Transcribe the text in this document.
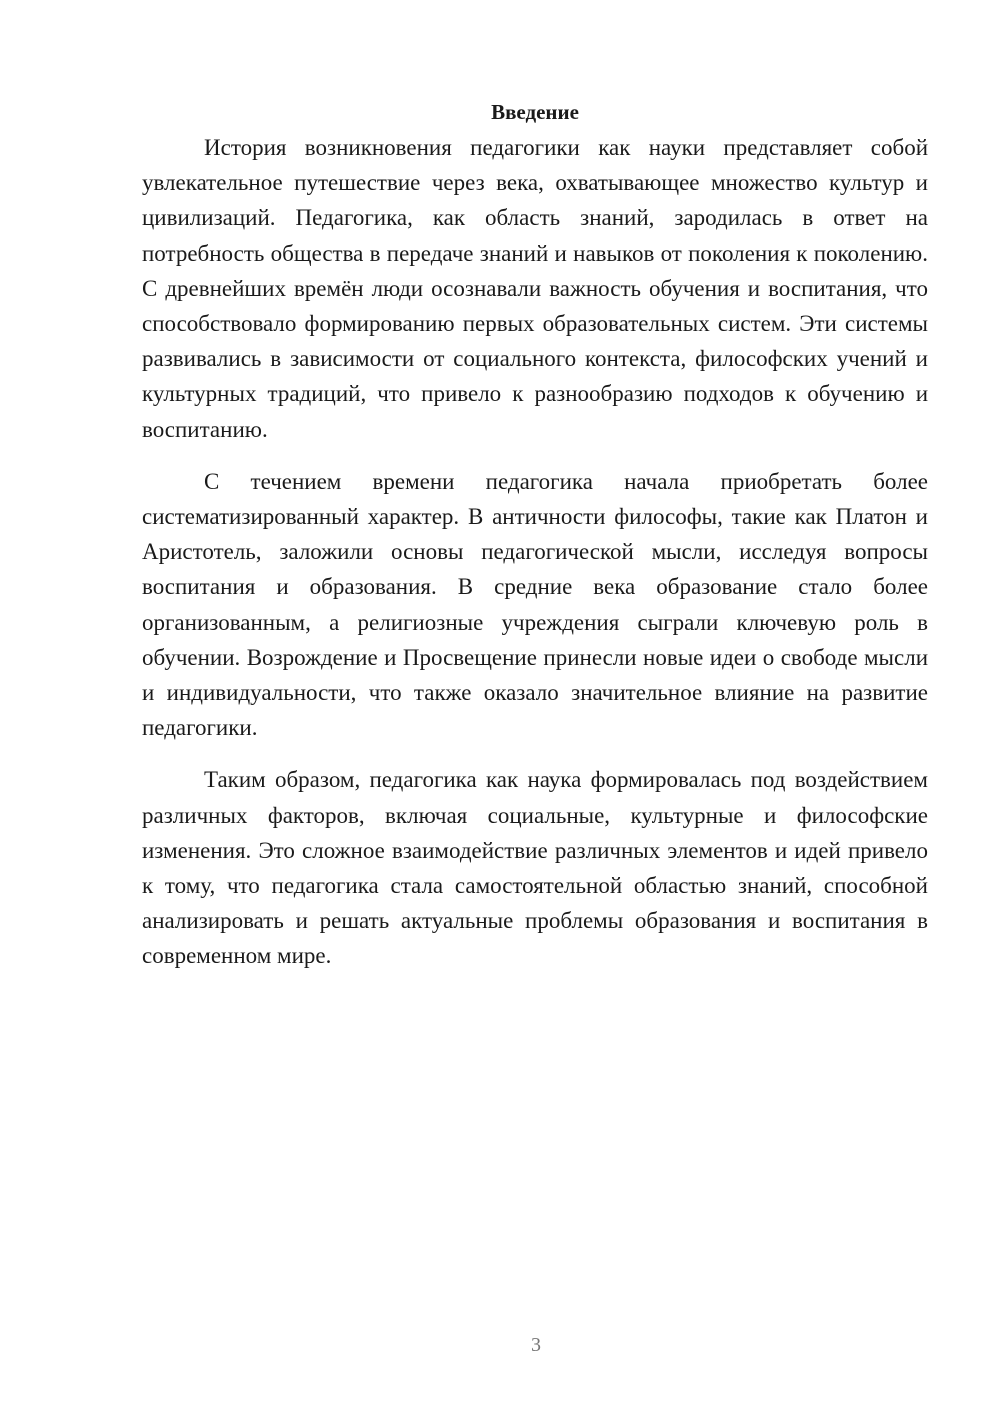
Введение

История возникновения педагогики как науки представляет собой увлекательное путешествие через века, охватывающее множество культур и цивилизаций. Педагогика, как область знаний, зародилась в ответ на потребность общества в передаче знаний и навыков от поколения к поколению. С древнейших времён люди осознавали важность обучения и воспитания, что способствовало формированию первых образовательных систем. Эти системы развивались в зависимости от социального контекста, философских учений и культурных традиций, что привело к разнообразию подходов к обучению и воспитанию.

С течением времени педагогика начала приобретать более систематизированный характер. В античности философы, такие как Платон и Аристотель, заложили основы педагогической мысли, исследуя вопросы воспитания и образования. В средние века образование стало более организованным, а религиозные учреждения сыграли ключевую роль в обучении. Возрождение и Просвещение принесли новые идеи о свободе мысли и индивидуальности, что также оказало значительное влияние на развитие педагогики.

Таким образом, педагогика как наука формировалась под воздействием различных факторов, включая социальные, культурные и философские изменения. Это сложное взаимодействие различных элементов и идей привело к тому, что педагогика стала самостоятельной областью знаний, способной анализировать и решать актуальные проблемы образования и воспитания в современном мире.

3
